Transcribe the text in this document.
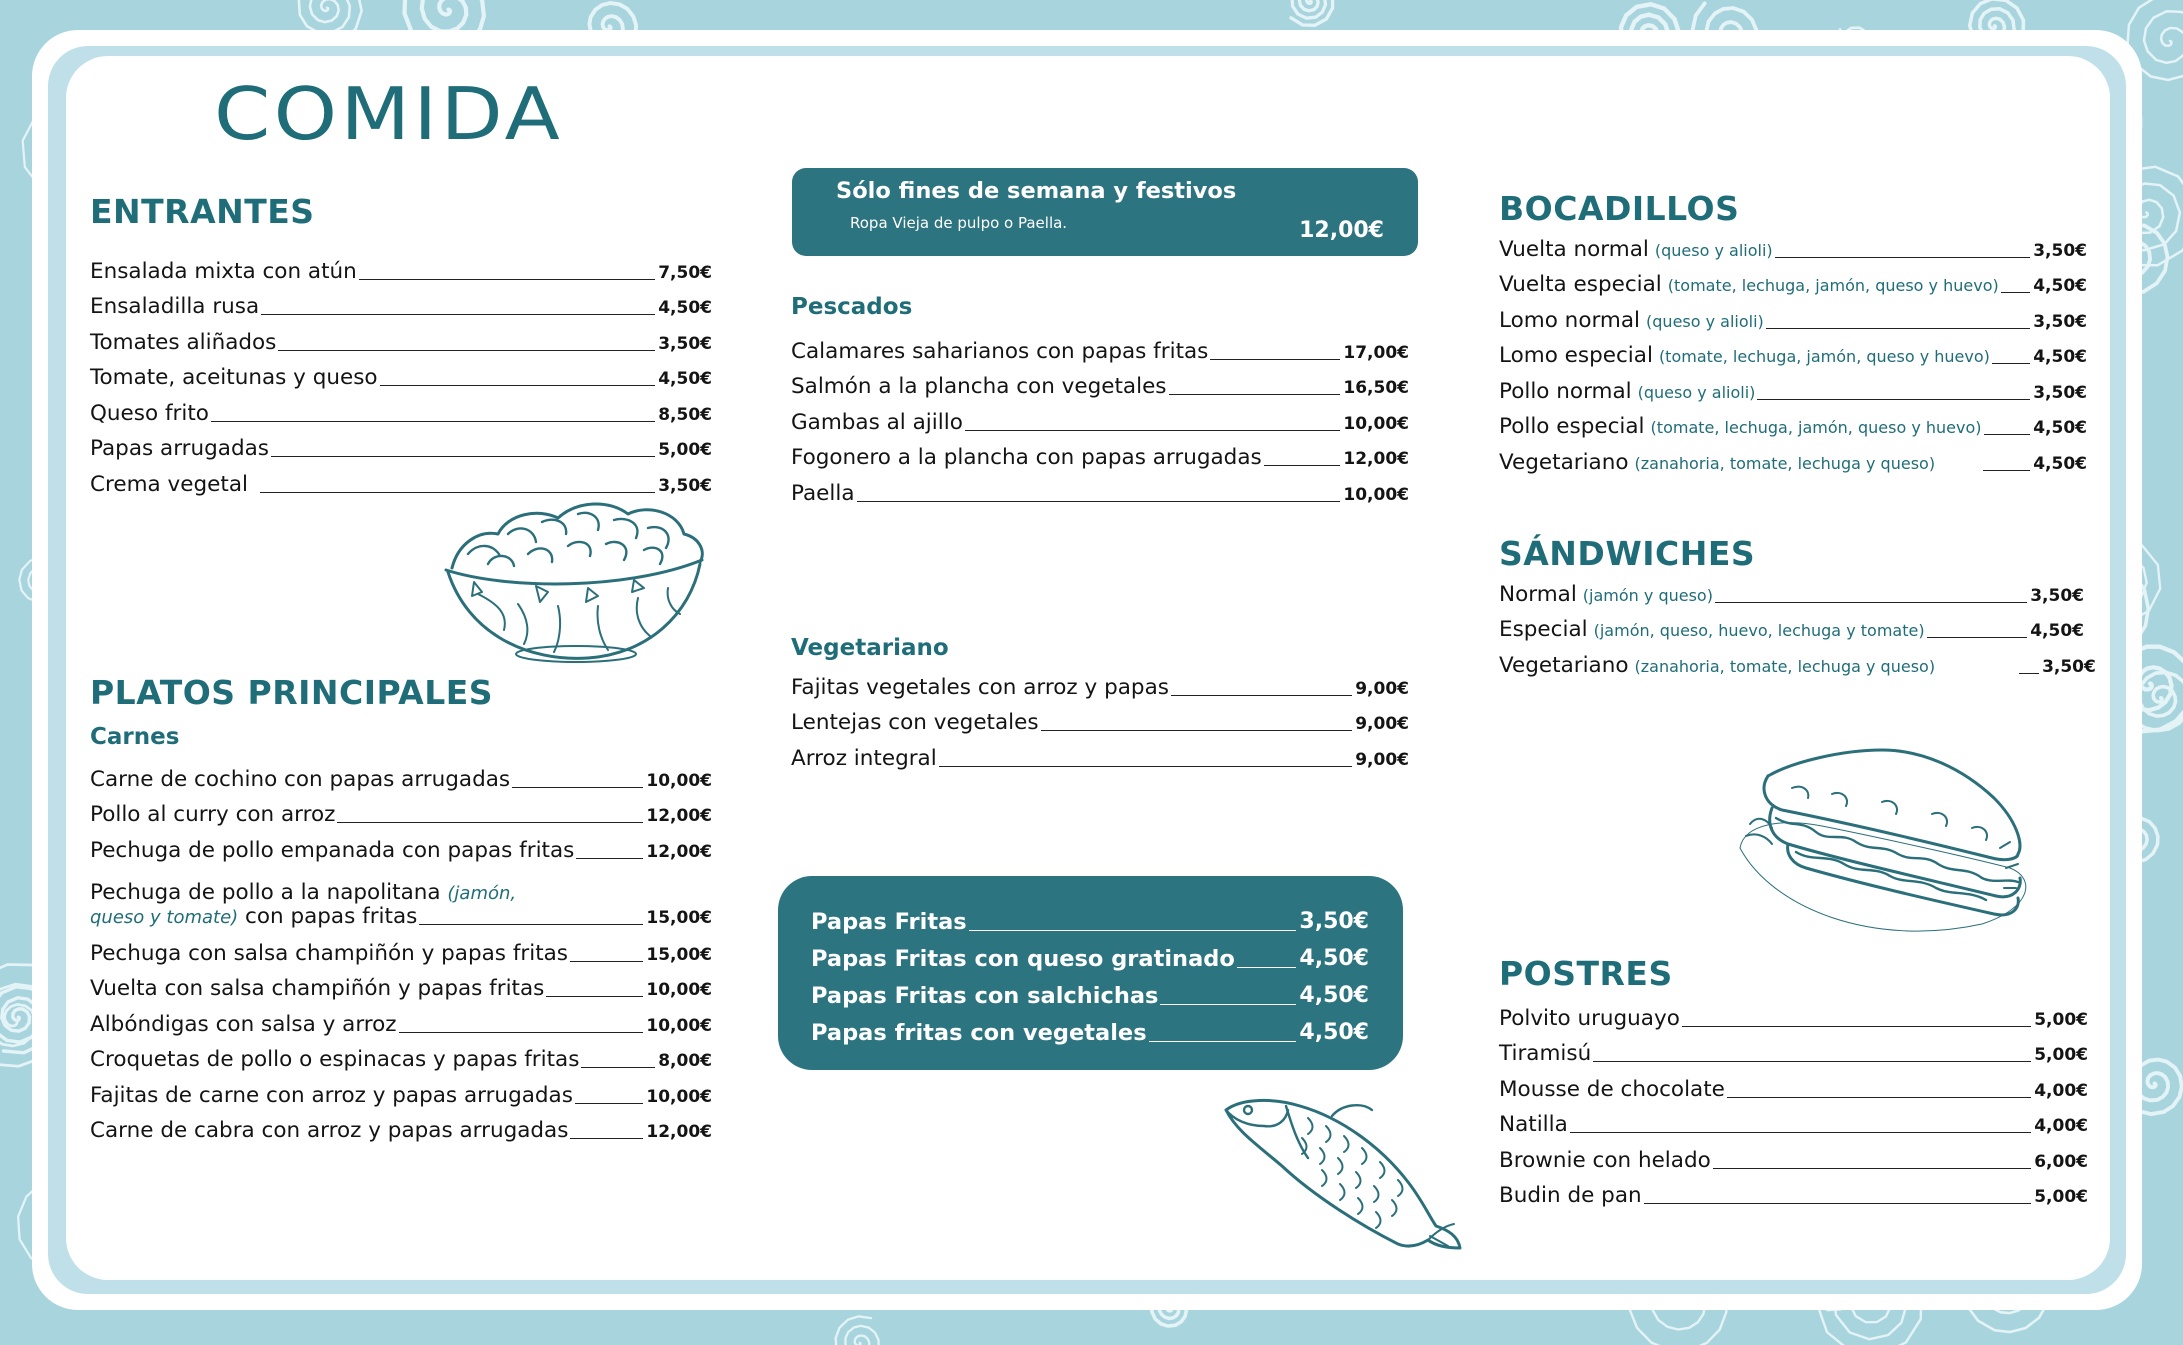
COMIDA
ENTRANTES
Ensalada mixta con atún	7,50€
Ensaladilla rusa	4,50€
Tomates aliñados	3,50€
Tomate, aceitunas y queso	4,50€
Queso frito	8,50€
Papas arrugadas	5,00€
Crema vegetal	3,50€
PLATOS PRINCIPALES
Carnes
Carne de cochino con papas arrugadas	10,00€
Pollo al curry con arroz	12,00€
Pechuga de pollo empanada con papas fritas	12,00€
Pechuga de pollo a la napolitana (jamón,
queso y tomate) con papas fritas	15,00€
Pechuga con salsa champiñón y papas fritas	15,00€
Vuelta con salsa champiñón y papas fritas	10,00€
Albóndigas con salsa y arroz	10,00€
Croquetas de pollo o espinacas y papas fritas	8,00€
Fajitas de carne con arroz y papas arrugadas	10,00€
Carne de cabra con arroz y papas arrugadas	12,00€
Sólo fines de semana y festivos
Ropa Vieja de pulpo o Paella.	12,00€
Pescados
Calamares saharianos con papas fritas	17,00€
Salmón a la plancha con vegetales	16,50€
Gambas al ajillo	10,00€
Fogonero a la plancha con papas arrugadas	12,00€
Paella	10,00€
Vegetariano
Fajitas vegetales con arroz y papas	9,00€
Lentejas con vegetales	9,00€
Arroz integral	9,00€
Papas Fritas	3,50€
Papas Fritas con queso gratinado	4,50€
Papas Fritas con salchichas	4,50€
Papas fritas con vegetales	4,50€
BOCADILLOS
Vuelta normal (queso y alioli)	3,50€
Vuelta especial (tomate, lechuga, jamón, queso y huevo) 4,50€
Lomo normal (queso y alioli)	3,50€
Lomo especial (tomate, lechuga, jamón, queso y huevo)	4,50€
Pollo normal (queso y alioli)	3,50€
Pollo especial (tomate, lechuga, jamón, queso y huevo)	4,50€
Vegetariano (zanahoria, tomate, lechuga y queso)	4,50€
SÁNDWICHES
Normal (jamón y queso)	3,50€
Especial (jamón, queso, huevo, lechuga y tomate)	4,50€
Vegetariano (zanahoria, tomate, lechuga y queso)	3,50€
POSTRES
Polvito uruguayo	5,00€
Tiramisú	5,00€
Mousse de chocolate	4,00€
Natilla	4,00€
Brownie con helado	6,00€
Budin de pan	5,00€
